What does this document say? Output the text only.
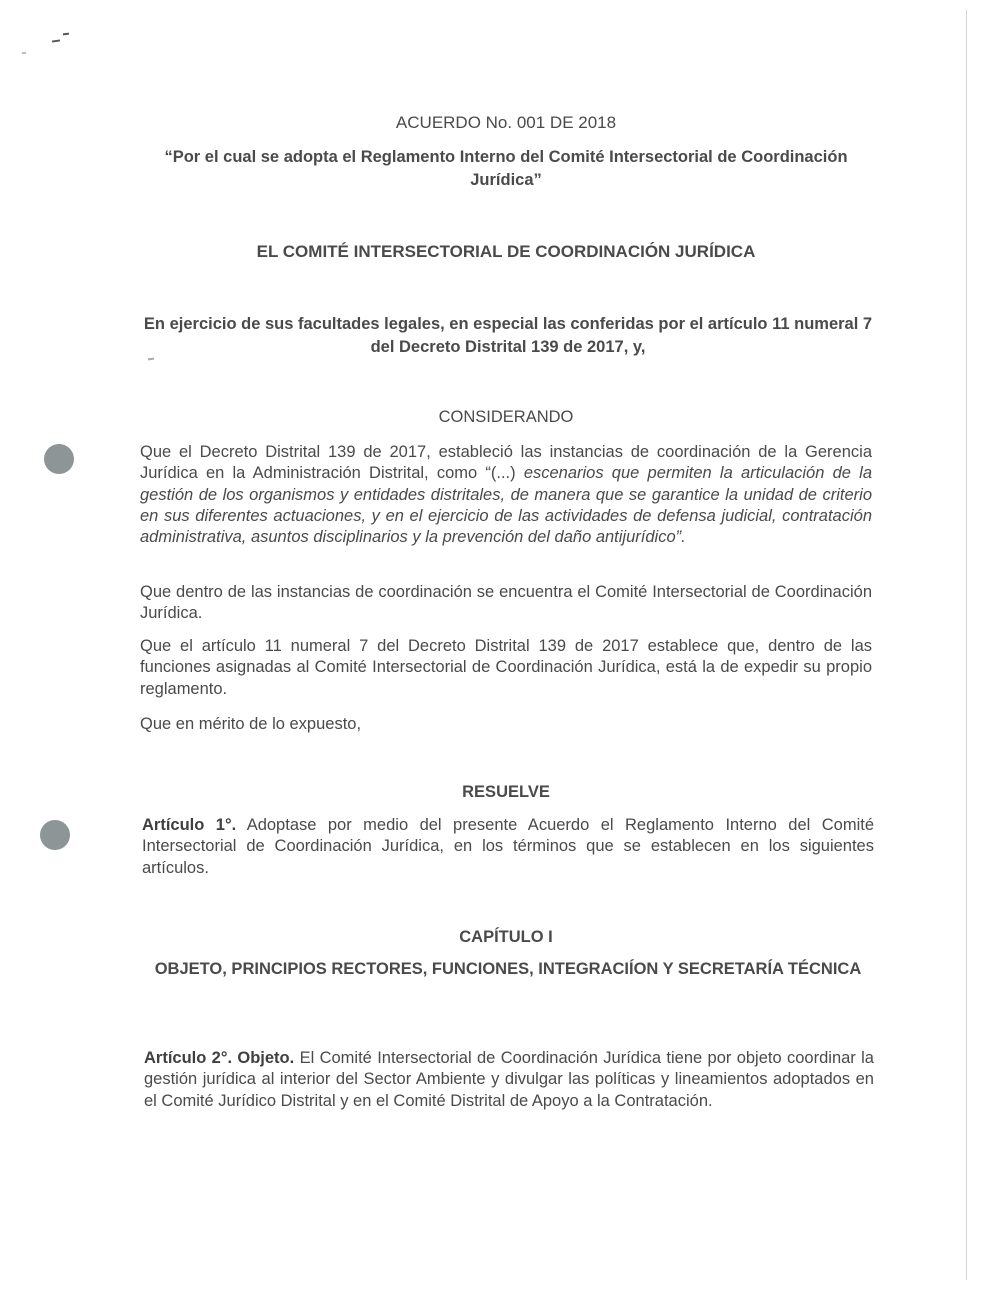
ACUERDO No. 001 DE 2018
“Por el cual se adopta el Reglamento Interno del Comité Intersectorial de Coordinación Jurídica”
EL COMITÉ INTERSECTORIAL DE COORDINACIÓN JURÍDICA
En ejercicio de sus facultades legales, en especial las conferidas por el artículo 11 numeral 7 del Decreto Distrital 139 de 2017, y,
CONSIDERANDO
Que el Decreto Distrital 139 de 2017, estableció las instancias de coordinación de la Gerencia Jurídica en la Administración Distrital, como “(...) escenarios que permiten la articulación de la gestión de los organismos y entidades distritales, de manera que se garantice la unidad de criterio en sus diferentes actuaciones, y en el ejercicio de las actividades de defensa judicial, contratación administrativa, asuntos disciplinarios y la prevención del daño antijurídico”.
Que dentro de las instancias de coordinación se encuentra el Comité Intersectorial de Coordinación Jurídica.
Que el artículo 11 numeral 7 del Decreto Distrital 139 de 2017 establece que, dentro de las funciones asignadas al Comité Intersectorial de Coordinación Jurídica, está la de expedir su propio reglamento.
Que en mérito de lo expuesto,
RESUELVE
Artículo 1°. Adoptase por medio del presente Acuerdo el Reglamento Interno del Comité Intersectorial de Coordinación Jurídica, en los términos que se establecen en los siguientes artículos.
CAPÍTULO I
OBJETO, PRINCIPIOS RECTORES, FUNCIONES, INTEGRACIÍON Y SECRETARÍA TÉCNICA
Artículo 2°. Objeto. El Comité Intersectorial de Coordinación Jurídica tiene por objeto coordinar la gestión jurídica al interior del Sector Ambiente y divulgar las políticas y lineamientos adoptados en el Comité Jurídico Distrital y en el Comité Distrital de Apoyo a la Contratación.
